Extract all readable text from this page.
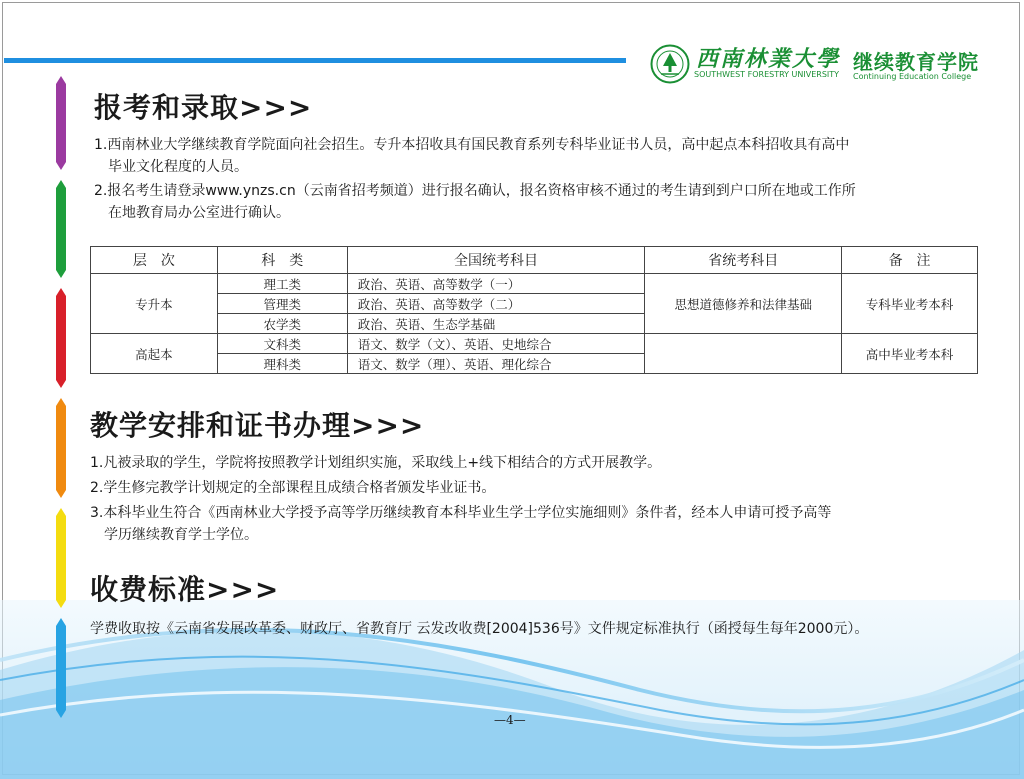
西南林業大學
SOUTHWEST FORESTRY UNIVERSITY
继续教育学院
Continuing Education College
报考和录取>>>

1.西南林业大学继续教育学院面向社会招生。专升本招收具有国民教育系列专科毕业证书人员，高中起点本科招收具有高中
毕业文化程度的人员。

2.报名考生请登录www.ynzs.cn（云南省招考频道）进行报名确认，报名资格审核不通过的考生请到到户口所在地或工作所
在地教育局办公室进行确认。

层　次	科　类	全国统考科目	省统考科目	备　注
专升本	理工类	政治、英语、高等数学（一）	思想道德修养和法律基础	专科毕业考本科
	管理类	政治、英语、高等数学（二）		
	农学类	政治、英语、生态学基础		
高起本	文科类	语文、数学（文）、英语、史地综合		高中毕业考本科
	理科类	语文、数学（理）、英语、理化综合		
教学安排和证书办理>>>

1.凡被录取的学生，学院将按照教学计划组织实施，采取线上+线下相结合的方式开展教学。

2.学生修完教学计划规定的全部课程且成绩合格者颁发毕业证书。

3.本科毕业生符合《西南林业大学授予高等学历继续教育本科毕业生学士学位实施细则》条件者，经本人申请可授予高等
学历继续教育学士学位。

收费标准>>>

学费收取按《云南省发展改革委、财政厅、省教育厅 云发改收费[2004]536号》文件规定标准执行（函授每生每年2000元）。

—4—
